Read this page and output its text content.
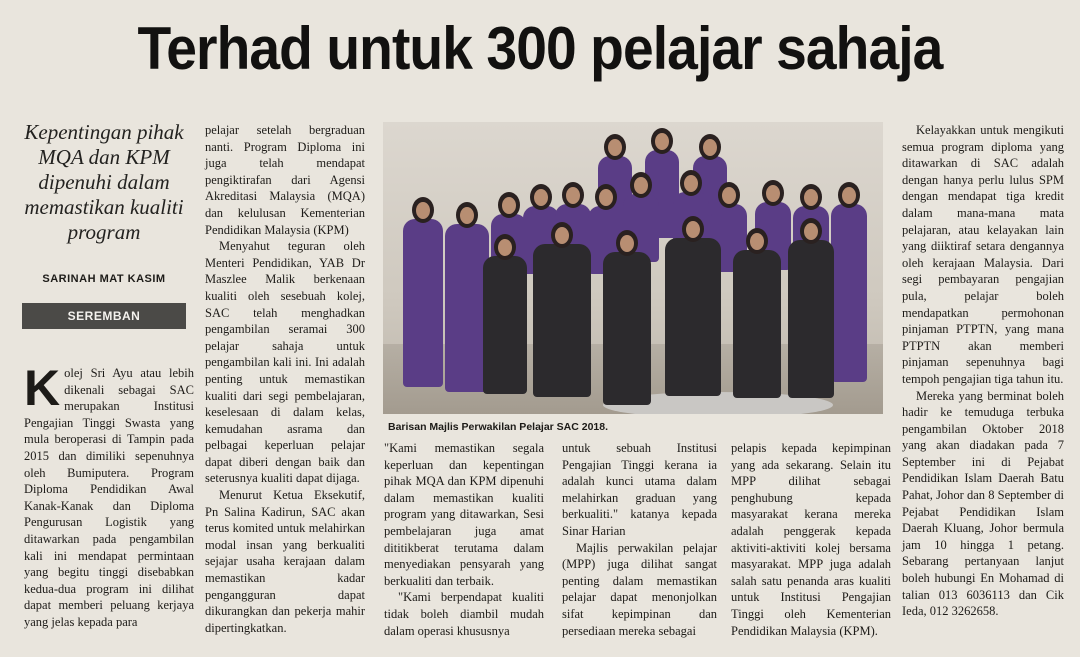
Terhad untuk 300 pelajar sahaja
Kepentingan pihak MQA dan KPM dipenuhi dalam memastikan kualiti program
SARINAH MAT KASIM
SEREMBAN

Kolej Sri Ayu atau lebih dikenali sebagai SAC merupakan Institusi Pengajian Tinggi Swasta yang mula beroperasi di Tampin pada 2015 dan dimiliki sepenuhnya oleh Bumiputera. Program Diploma Pendidikan Awal Kanak-Kanak dan Diploma Pengurusan Logistik yang ditawarkan pada pengambilan kali ini mendapat permintaan yang begitu tinggi disebabkan kedua-dua program ini dilihat dapat memberi peluang kerjaya yang jelas kepada para

pelajar setelah bergraduan nanti. Program Diploma ini juga telah mendapat pengiktirafan dari Agensi Akreditasi Malaysia (MQA) dan kelulusan Kementerian Pendidikan Malaysia (KPM)

Menyahut teguran oleh Menteri Pendidikan, YAB Dr Maszlee Malik berkenaan kualiti oleh sesebuah kolej, SAC telah menghadkan pengambilan seramai 300 pelajar sahaja untuk pengambilan kali ini. Ini adalah penting untuk memastikan kualiti dari segi pembelajaran, keselesaan di dalam kelas, kemudahan asrama dan pelbagai keperluan pelajar dapat diberi dengan baik dan seterusnya kualiti dapat dijaga.

Menurut Ketua Eksekutif, Pn Salina Kadirun, SAC akan terus komited untuk melahirkan modal insan yang berkualiti sejajar usaha kerajaan dalam memastikan kadar pengangguran dapat dikurangkan dan pekerja mahir dipertingkatkan.

Barisan Majlis Perwakilan Pelajar SAC 2018.

"Kami memastikan segala keperluan dan kepentingan pihak MQA dan KPM dipenuhi dalam memastikan kualiti program yang ditawarkan, Sesi pembelajaran juga amat dititikberat terutama dalam menyediakan pensyarah yang berkualiti dan terbaik.

"Kami berpendapat kualiti tidak boleh diambil mudah dalam operasi khususnya

untuk sebuah Institusi Pengajian Tinggi kerana ia adalah kunci utama dalam melahirkan graduan yang berkualiti." katanya kepada Sinar Harian

Majlis perwakilan pelajar (MPP) juga dilihat sangat penting dalam memastikan pelajar dapat menonjolkan sifat kepimpinan dan persediaan mereka sebagai

pelapis kepada kepimpinan yang ada sekarang. Selain itu MPP dilihat sebagai penghubung kepada masyarakat kerana mereka adalah penggerak kepada aktiviti-aktiviti kolej bersama masyarakat. MPP juga adalah salah satu penanda aras kualiti untuk Institusi Pengajian Tinggi oleh Kementerian Pendidikan Malaysia (KPM).

Kelayakkan untuk mengikuti semua program diploma yang ditawarkan di SAC adalah dengan hanya perlu lulus SPM dengan mendapat tiga kredit dalam mana-mana mata pelajaran, atau kelayakan lain yang diiktiraf setara dengannya oleh kerajaan Malaysia. Dari segi pembayaran pengajian pula, pelajar boleh mendapatkan permohonan pinjaman PTPTN, yang mana PTPTN akan memberi pinjaman sepenuhnya bagi tempoh pengajian tiga tahun itu.

Mereka yang berminat boleh hadir ke temuduga terbuka pengambilan Oktober 2018 yang akan diadakan pada 7 September ini di Pejabat Pendidikan Islam Daerah Batu Pahat, Johor dan 8 September di Pejabat Pendidikan Islam Daerah Kluang, Johor bermula jam 10 hingga 1 petang. Sebarang pertanyaan lanjut boleh hubungi En Mohamad di talian 013 6036113 dan Cik Ieda, 012 3262658.
